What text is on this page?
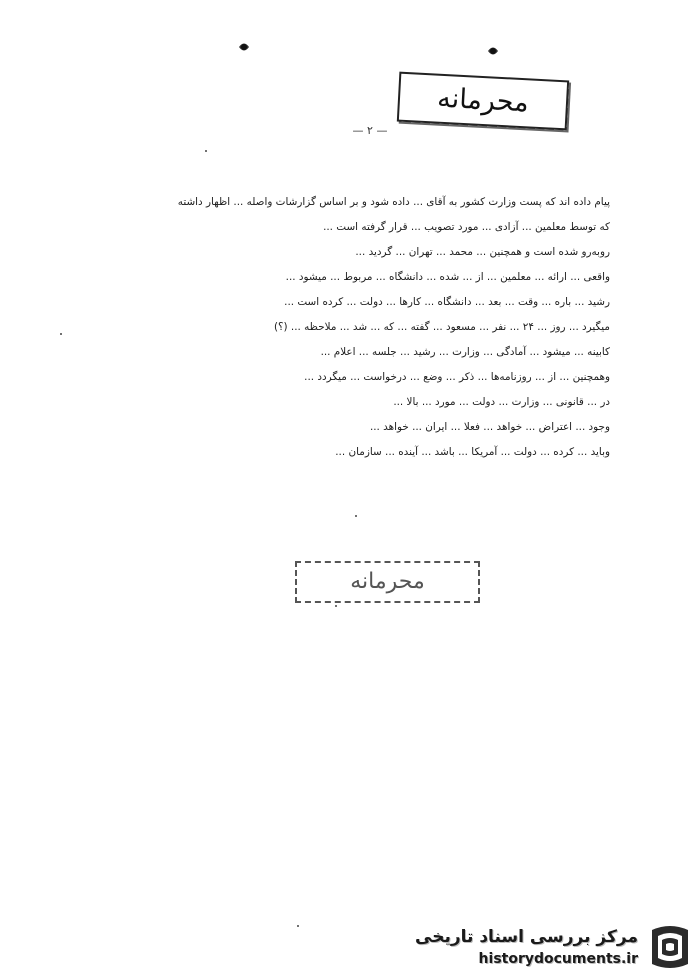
محرمانه
— ۲ —
پیام داده اند که پست وزارت کشور به آقای ... داده شود و بر اساس گزارشات واصله ... اظهار داشته
که توسط معلمین ... آزادی ... مورد تصویب ... قرار گرفته است ...
روبه‌رو شده است و همچنین ... محمد ... تهران ... گردید ...
واقعی ... ارائه ... معلمین ... از ... شده ... دانشگاه ... مربوط ... میشود ...
رشید ... باره ... وقت ... بعد ... دانشگاه ... کارها ... دولت ... کرده است ...
میگیرد ... روز ... ۲۴ ... نفر ... مسعود ... گفته ... که ... شد ... ملاحظه ... (؟)
کابینه ... میشود ... آمادگی ... وزارت ... رشید ... جلسه ... اعلام ...
وهمچنین ... از ... روزنامه‌ها ... ذکر ... وضع ... درخواست ... میگردد ...
در ... قانونی ... وزارت ... دولت ... مورد ... بالا ...
وجود ... اعتراض ... خواهد ... فعلا ... ایران ... خواهد ...
وباید ... کرده ... دولت ... آمریکا ... باشد ... آینده ... سازمان ...
محرمانه
مرکز بررسی اسناد تاریخی
historydocuments.ir
